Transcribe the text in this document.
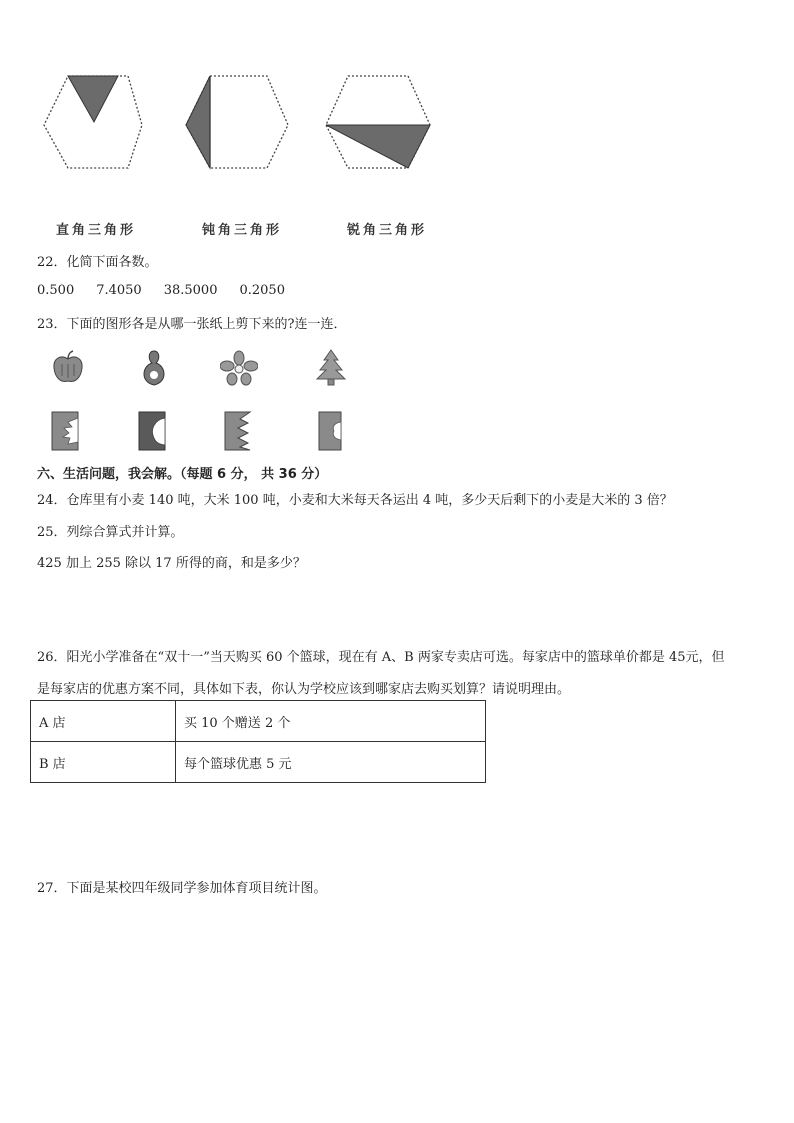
直角三角形	钝角三角形	锐角三角形
22．化简下面各数。
0.500 7.4050 38.5000 0.2050
23．下面的图形各是从哪一张纸上剪下来的?连一连．
六、生活问题，我会解。（每题 6 分， 共 36 分）
24．仓库里有小麦 140 吨，大米 100 吨，小麦和大米每天各运出 4 吨，多少天后剩下的小麦是大米的 3 倍？
25．列综合算式并计算。
425 加上 255 除以 17 所得的商，和是多少？
26．阳光小学准备在“双十一”当天购买 60 个篮球，现在有 A、B 两家专卖店可选。每家店中的篮球单价都是 45元，但
是每家店的优惠方案不同，具体如下表，你认为学校应该到哪家店去购买划算？请说明理由。
A 店	买 10 个赠送 2 个
B 店	每个篮球优惠 5 元
27．下面是某校四年级同学参加体育项目统计图。
